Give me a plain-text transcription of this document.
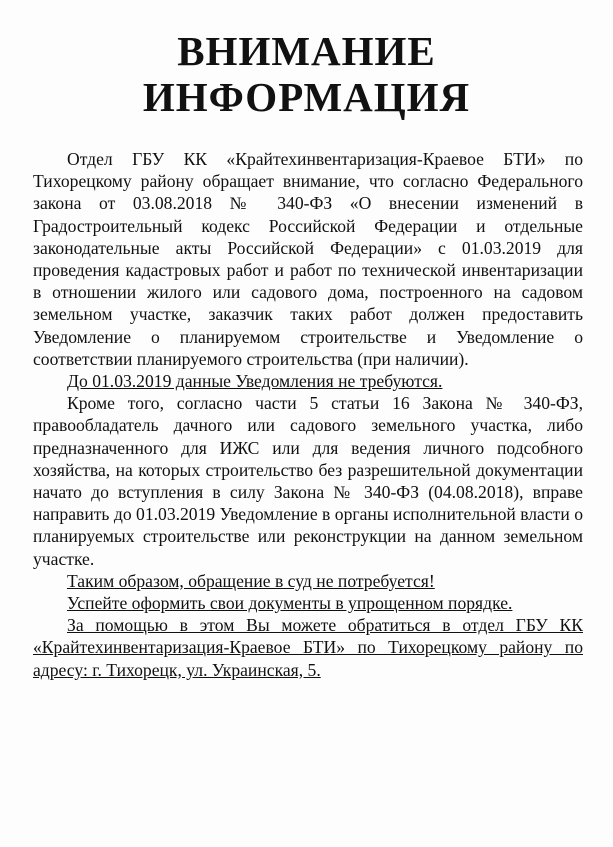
ВНИМАНИЕ
ИНФОРМАЦИЯ

Отдел ГБУ КК «Крайтехинвентаризация-Краевое БТИ» по Тихорецкому району обращает внимание, что согласно Федерального закона от 03.08.2018 № 340-ФЗ «О внесении изменений в Градостроительный кодекс Российской Федерации и отдельные законодательные акты Российской Федерации» с 01.03.2019 для проведения кадастровых работ и работ по технической инвентаризации в отношении жилого или садового дома, построенного на садовом земельном участке, заказчик таких работ должен предоставить Уведомление о планируемом строительстве и Уведомление о соответствии планируемого строительства (при наличии).

До 01.03.2019 данные Уведомления не требуются.

Кроме того, согласно части 5 статьи 16 Закона № 340-ФЗ, правообладатель дачного или садового земельного участка, либо предназначенного для ИЖС или для ведения личного подсобного хозяйства, на которых строительство без разрешительной документации начато до вступления в силу Закона № 340-ФЗ (04.08.2018), вправе направить до 01.03.2019 Уведомление в органы исполнительной власти о планируемых строительстве или реконструкции на данном земельном участке.

Таким образом, обращение в суд не потребуется!

Успейте оформить свои документы в упрощенном порядке.

За помощью в этом Вы можете обратиться в отдел ГБУ КК «Крайтехинвентаризация-Краевое БТИ» по Тихорецкому району по адресу: г. Тихорецк, ул. Украинская, 5.
